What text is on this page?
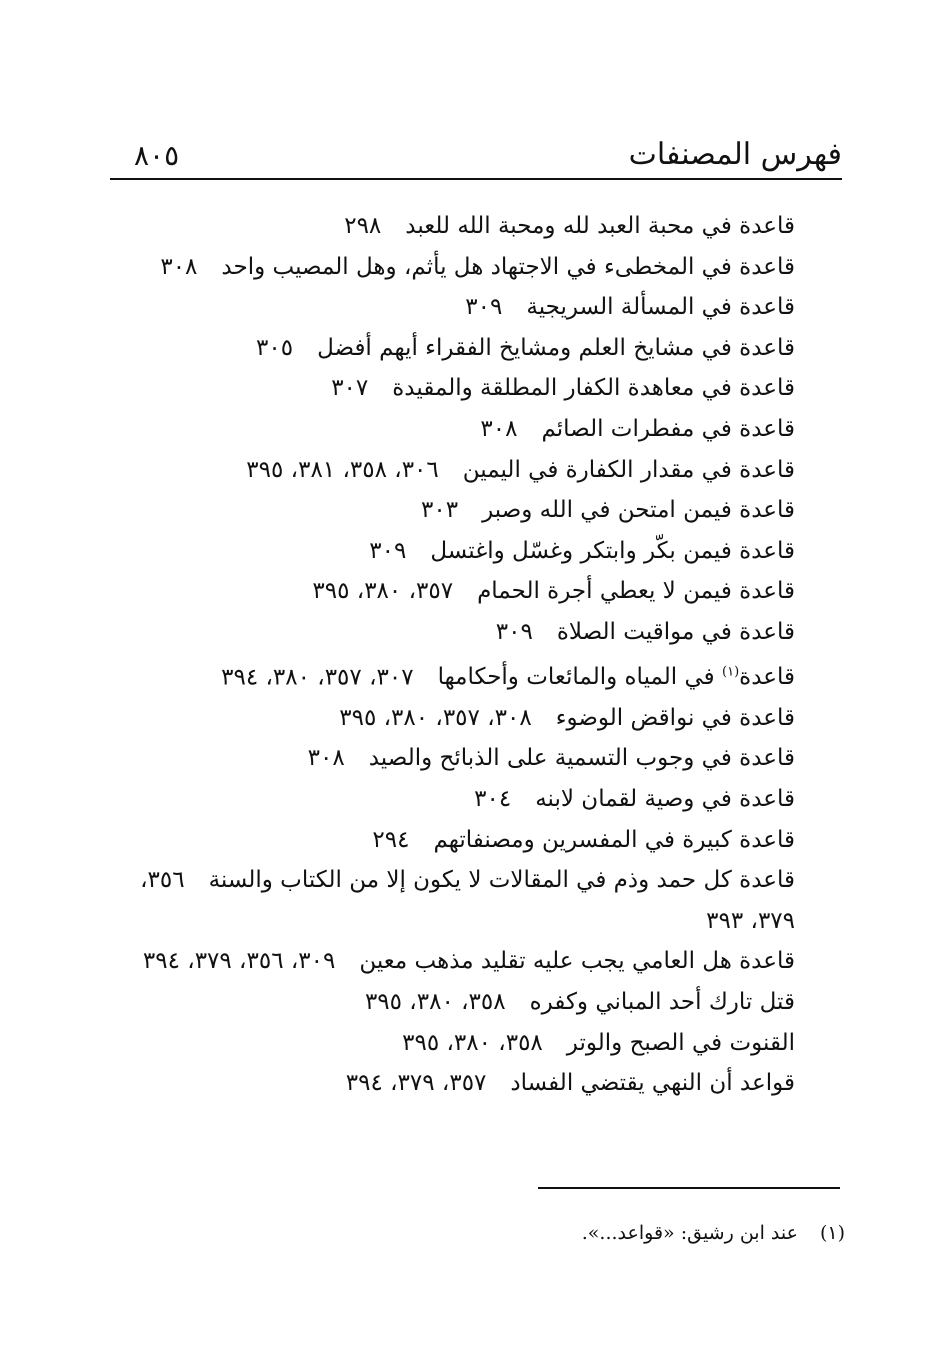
فهرس المصنفات
٨٠٥
قاعدة في محبة العبد لله ومحبة الله للعبد٢٩٨
قاعدة في المخطىء في الاجتهاد هل يأثم، وهل المصيب واحد٣٠٨
قاعدة في المسألة السريجية٣٠٩
قاعدة في مشايخ العلم ومشايخ الفقراء أيهم أفضل٣٠٥
قاعدة في معاهدة الكفار المطلقة والمقيدة٣٠٧
قاعدة في مفطرات الصائم٣٠٨
قاعدة في مقدار الكفارة في اليمين٣٠٦، ٣٥٨، ٣٨١، ٣٩٥
قاعدة فيمن امتحن في الله وصبر٣٠٣
قاعدة فيمن بكّر وابتكر وغسّل واغتسل٣٠٩
قاعدة فيمن لا يعطي أجرة الحمام٣٥٧، ٣٨٠، ٣٩٥
قاعدة في مواقيت الصلاة٣٠٩
قاعدة$^{(١)}$ في المياه والمائعات وأحكامها٣٠٧، ٣٥٧، ٣٨٠، ٣٩٤
قاعدة في نواقض الوضوء٣٠٨، ٣٥٧، ٣٨٠، ٣٩٥
قاعدة في وجوب التسمية على الذبائح والصيد٣٠٨
قاعدة في وصية لقمان لابنه٣٠٤
قاعدة كبيرة في المفسرين ومصنفاتهم٢٩٤
قاعدة كل حمد وذم في المقالات لا يكون إلا من الكتاب والسنة٣٥٦، ٣٧٩، ٣٩٣
قاعدة هل العامي يجب عليه تقليد مذهب معين٣٠٩، ٣٥٦، ٣٧٩، ٣٩٤
قتل تارك أحد المباني وكفره٣٥٨، ٣٨٠، ٣٩٥
القنوت في الصبح والوتر٣٥٨، ٣٨٠، ٣٩٥
قواعد أن النهي يقتضي الفساد٣٥٧، ٣٧٩، ٣٩٤
(١)عند ابن رشيق: «قواعد...».
